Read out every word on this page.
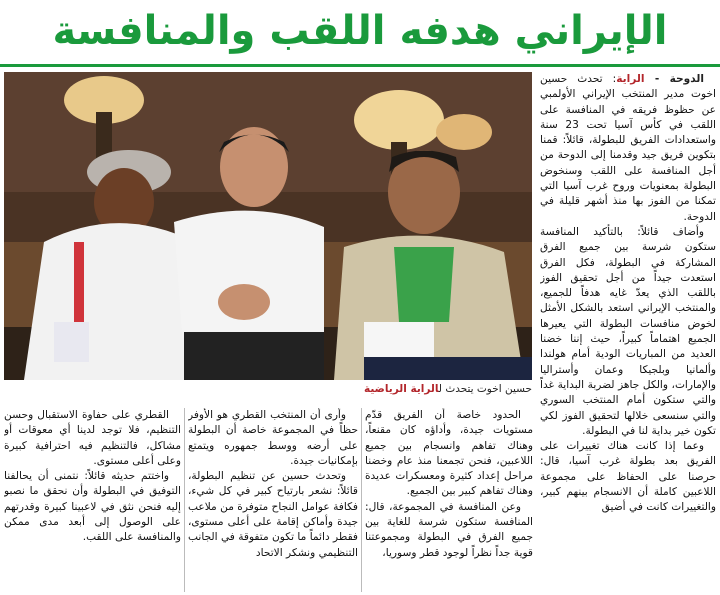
الإيراني هدفه اللقب والمنافسة
حسين اخوت يتحدث لالراية الرياضية

الدوحة - الراية: تحدث حسين اخوت مدير المنتخب الإيراني الأولمبي عن حظوظ فريقه في المنافسة على اللقب في كأس آسيا تحت 23 سنة واستعدادات الفريق للبطولة، قائلاً: قمنا بتكوين فريق جيد وقدمنا إلى الدوحة من أجل المنافسة على اللقب وسنخوض البطولة بمعنويات وروح غرب آسيا التي تمكنا من الفوز بها منذ أشهر قليلة في الدوحة.

وأضاف قائلاً: بالتأكيد المنافسة ستكون شرسة بين جميع الفرق المشاركة في البطولة، فكل الفرق استعدت جيداً من أجل تحقيق الفوز باللقب الذي يعدّ غايه هدفاً للجميع، والمنتخب الإيراني استعد بالشكل الأمثل لخوض منافسات البطولة التي يعيرها الجميع اهتماماً كبيراً، حيث إننا خضنا العديد من المباريات الودية أمام هولندا وألمانيا وبلجيكا وعمان وأستراليا والإمارات، والكل جاهز لضربة البداية غداً والتي ستكون أمام المنتخب السوري والتي سنسعى خلالها لتحقيق الفوز لكي تكون خير بداية لنا في البطولة.

وعما إذا كانت هناك تغييرات على الفريق بعد بطولة غرب آسيا، قال: حرصنا على الحفاظ على مجموعة اللاعبين كاملة أن الانسجام بينهم كبير، والتغييرات كانت في أضيق

الحدود خاصة أن الفريق قدّم مستويات جيدة، وأداؤه كان مقنعاً، وهناك تفاهم وانسجام بين جميع اللاعبين، فنحن تجمعنا منذ عام وخضنا مراحل إعداد كثيرة ومعسكرات عديدة وهناك تفاهم كبير بين الجميع.

وعن المنافسة في المجموعة، قال: المنافسة ستكون شرسة للغاية بين جميع الفرق في البطولة ومجموعتنا قوية جداً نظراً لوجود قطر وسوريا،

وأرى أن المنتخب القطري هو الأوفر حظاً في المجموعة خاصة أن البطولة على أرضه ووسط جمهوره ويتمتع بإمكانيات جيدة.

وتحدث حسين عن تنظيم البطولة، قائلاً: نشعر بارتياح كبير في كل شيء، فكافة عوامل النجاح متوفرة من ملاعب جيدة وأماكن إقامة على أعلى مستوى، فقطر دائماً ما تكون متفوقة في الجانب التنظيمي ونشكر الاتحاد

القطري على حفاوة الاستقبال وحسن التنظيم، فلا توجد لدينا أي معوقات أو مشاكل، فالتنظيم فيه احترافية كبيرة وعلى أعلى مستوى.

واختتم حديثه قائلاً: نتمنى أن يحالفنا التوفيق في البطولة وأن نحقق ما نصبو إليه فنحن نثق في لاعبينا كبيرة وقدرتهم على الوصول إلى أبعد مدى ممكن والمنافسة على اللقب.
